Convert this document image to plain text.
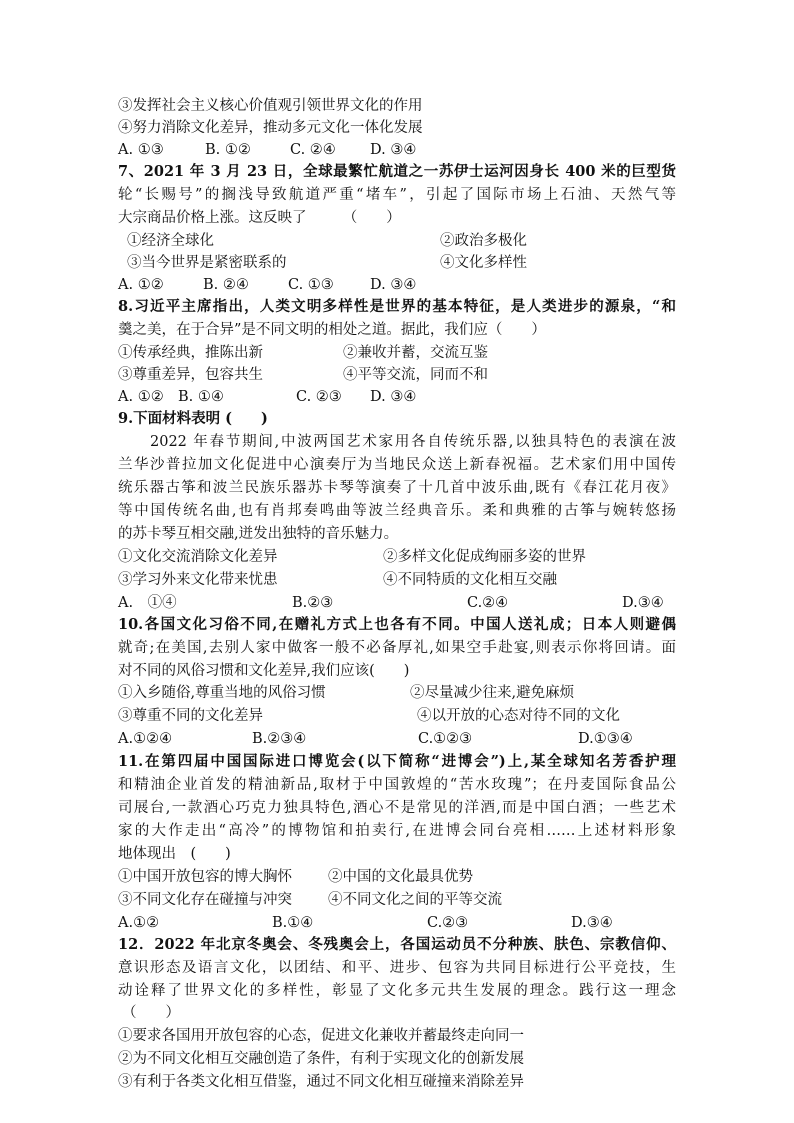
③发挥社会主义核心价值观引领世界文化的作用
④努力消除文化差异，推动多元文化一体化发展
A. ①③	B. ①②	C. ②④ D. ③④
7、2021 年 3 月 23 日，全球最繁忙航道之一苏伊士运河因身长 400 米的巨型货
轮“长赐号”的搁浅导致航道严重“堵车”，引起了国际市场上石油、天然气等
大宗商品价格上涨。这反映了　　　（　　）
①经济全球化	②政治多极化
③当今世界是紧密联系的	④文化多样性
A. ①②	B. ②④	C. ①③ D. ③④
8.习近平主席指出，人类文明多样性是世界的基本特征，是人类进步的源泉，“和
羹之美，在于合异”是不同文明的相处之道。据此，我们应（　　）
①传承经典，推陈出新	②兼收并蓄，交流互鉴
③尊重差异，包容共生	④平等交流，同而不和
A. ①② B. ①④	C. ②③ D. ③④
9.下面材料表明 (　　)
2022 年春节期间,中波两国艺术家用各自传统乐器,以独具特色的表演在波
兰华沙普拉加文化促进中心演奏厅为当地民众送上新春祝福。艺术家们用中国传
统乐器古筝和波兰民族乐器苏卡琴等演奏了十几首中波乐曲,既有《春江花月夜》
等中国传统名曲,也有肖邦奏鸣曲等波兰经典音乐。柔和典雅的古筝与婉转悠扬
的苏卡琴互相交融,迸发出独特的音乐魅力。
①文化交流消除文化差异	②多样文化促成绚丽多姿的世界
③学习外来文化带来忧患	④不同特质的文化相互交融
A.　①④	B.②③	C.②④	D.③④
10.各国文化习俗不同,在赠礼方式上也各有不同。中国人送礼成；日本人则避偶
就奇;在美国,去别人家中做客一般不必备厚礼,如果空手赴宴,则表示你将回请。面
对不同的风俗习惯和文化差异,我们应该(　　)
①入乡随俗,尊重当地的风俗习惯	②尽量减少往来,避免麻烦
③尊重不同的文化差异	④以开放的心态对待不同的文化
A.①②④	B.②③④	C.①②③	D.①③④
11.在第四届中国国际进口博览会(以下简称“进博会”)上,某全球知名芳香护理
和精油企业首发的精油新品,取材于中国敦煌的“苦水玫瑰”；在丹麦国际食品公
司展台,一款酒心巧克力独具特色,酒心不是常见的洋酒,而是中国白酒；一些艺术
家的大作走出“高冷”的博物馆和拍卖行,在进博会同台亮相……上述材料形象
地体现出　(　　)
①中国开放包容的博大胸怀 ②中国的文化最具优势
③不同文化存在碰撞与冲突 ④不同文化之间的平等交流
A.①②	B.①④	C.②③	D.③④
12．2022 年北京冬奥会、冬残奥会上，各国运动员不分种族、肤色、宗教信仰、
意识形态及语言文化，以团结、和平、进步、包容为共同目标进行公平竞技，生
动诠释了世界文化的多样性，彰显了文化多元共生发展的理念。践行这一理念
（　　）
①要求各国用开放包容的心态，促进文化兼收并蓄最终走向同一
②为不同文化相互交融创造了条件，有利于实现文化的创新发展
③有利于各类文化相互借鉴，通过不同文化相互碰撞来消除差异
